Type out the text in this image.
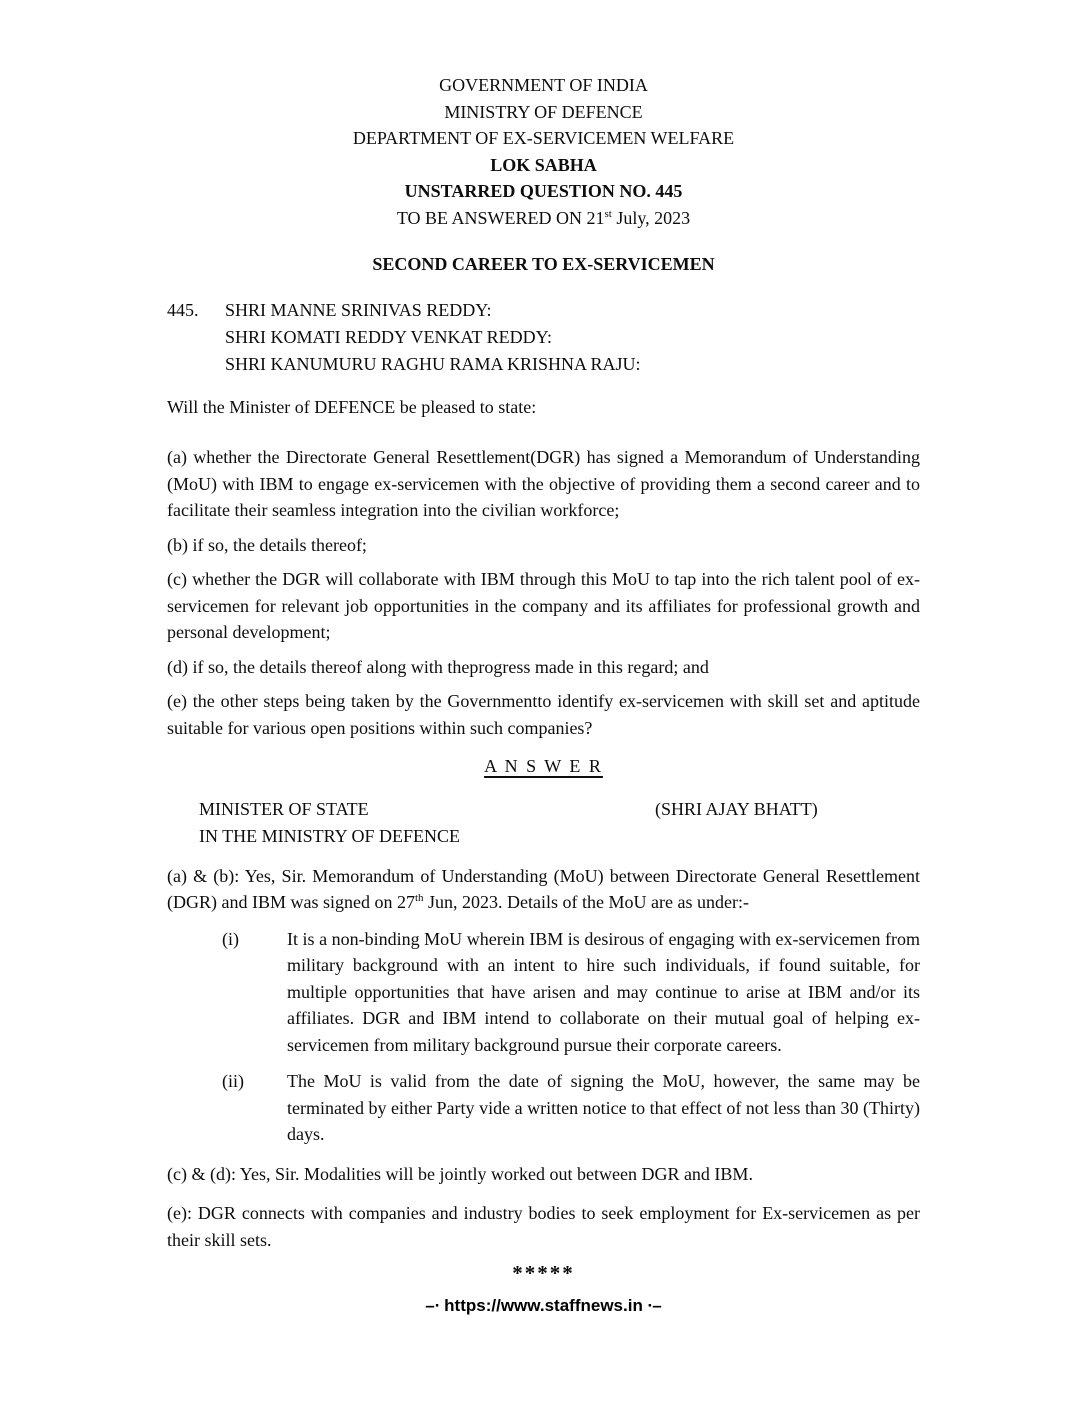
GOVERNMENT OF INDIA
MINISTRY OF DEFENCE
DEPARTMENT OF EX-SERVICEMEN WELFARE
LOK SABHA
UNSTARRED QUESTION NO. 445
TO BE ANSWERED ON 21st July, 2023
SECOND CAREER TO EX-SERVICEMEN
445.	SHRI MANNE SRINIVAS REDDY:
SHRI KOMATI REDDY VENKAT REDDY:
SHRI KANUMURU RAGHU RAMA KRISHNA RAJU:
Will the Minister of DEFENCE be pleased to state:

(a) whether the Directorate General Resettlement(DGR) has signed a Memorandum of Understanding (MoU) with IBM to engage ex-servicemen with the objective of providing them a second career and to facilitate their seamless integration into the civilian workforce;

(b) if so, the details thereof;

(c) whether the DGR will collaborate with IBM through this MoU to tap into the rich talent pool of ex-servicemen for relevant job opportunities in the company and its affiliates for professional growth and personal development;

(d) if so, the details thereof along with theprogress made in this regard; and

(e) the other steps being taken by the Governmentto identify ex-servicemen with skill set and aptitude suitable for various open positions within such companies?

A N S W E R
MINISTER OF STATE	(SHRI AJAY BHATT)
IN THE MINISTRY OF DEFENCE

(a) & (b): Yes, Sir. Memorandum of Understanding (MoU) between Directorate General Resettlement (DGR) and IBM was signed on 27th Jun, 2023. Details of the MoU are as under:-

(i)	It is a non-binding MoU wherein IBM is desirous of engaging with ex-servicemen from military background with an intent to hire such individuals, if found suitable, for multiple opportunities that have arisen and may continue to arise at IBM and/or its affiliates. DGR and IBM intend to collaborate on their mutual goal of helping ex-servicemen from military background pursue their corporate careers.
(ii)	The MoU is valid from the date of signing the MoU, however, the same may be terminated by either Party vide a written notice to that effect of not less than 30 (Thirty) days.

(c) & (d): Yes, Sir. Modalities will be jointly worked out between DGR and IBM.

(e): DGR connects with companies and industry bodies to seek employment for Ex-servicemen as per their skill sets.

*****
–∙ https://www.staffnews.in ∙–
